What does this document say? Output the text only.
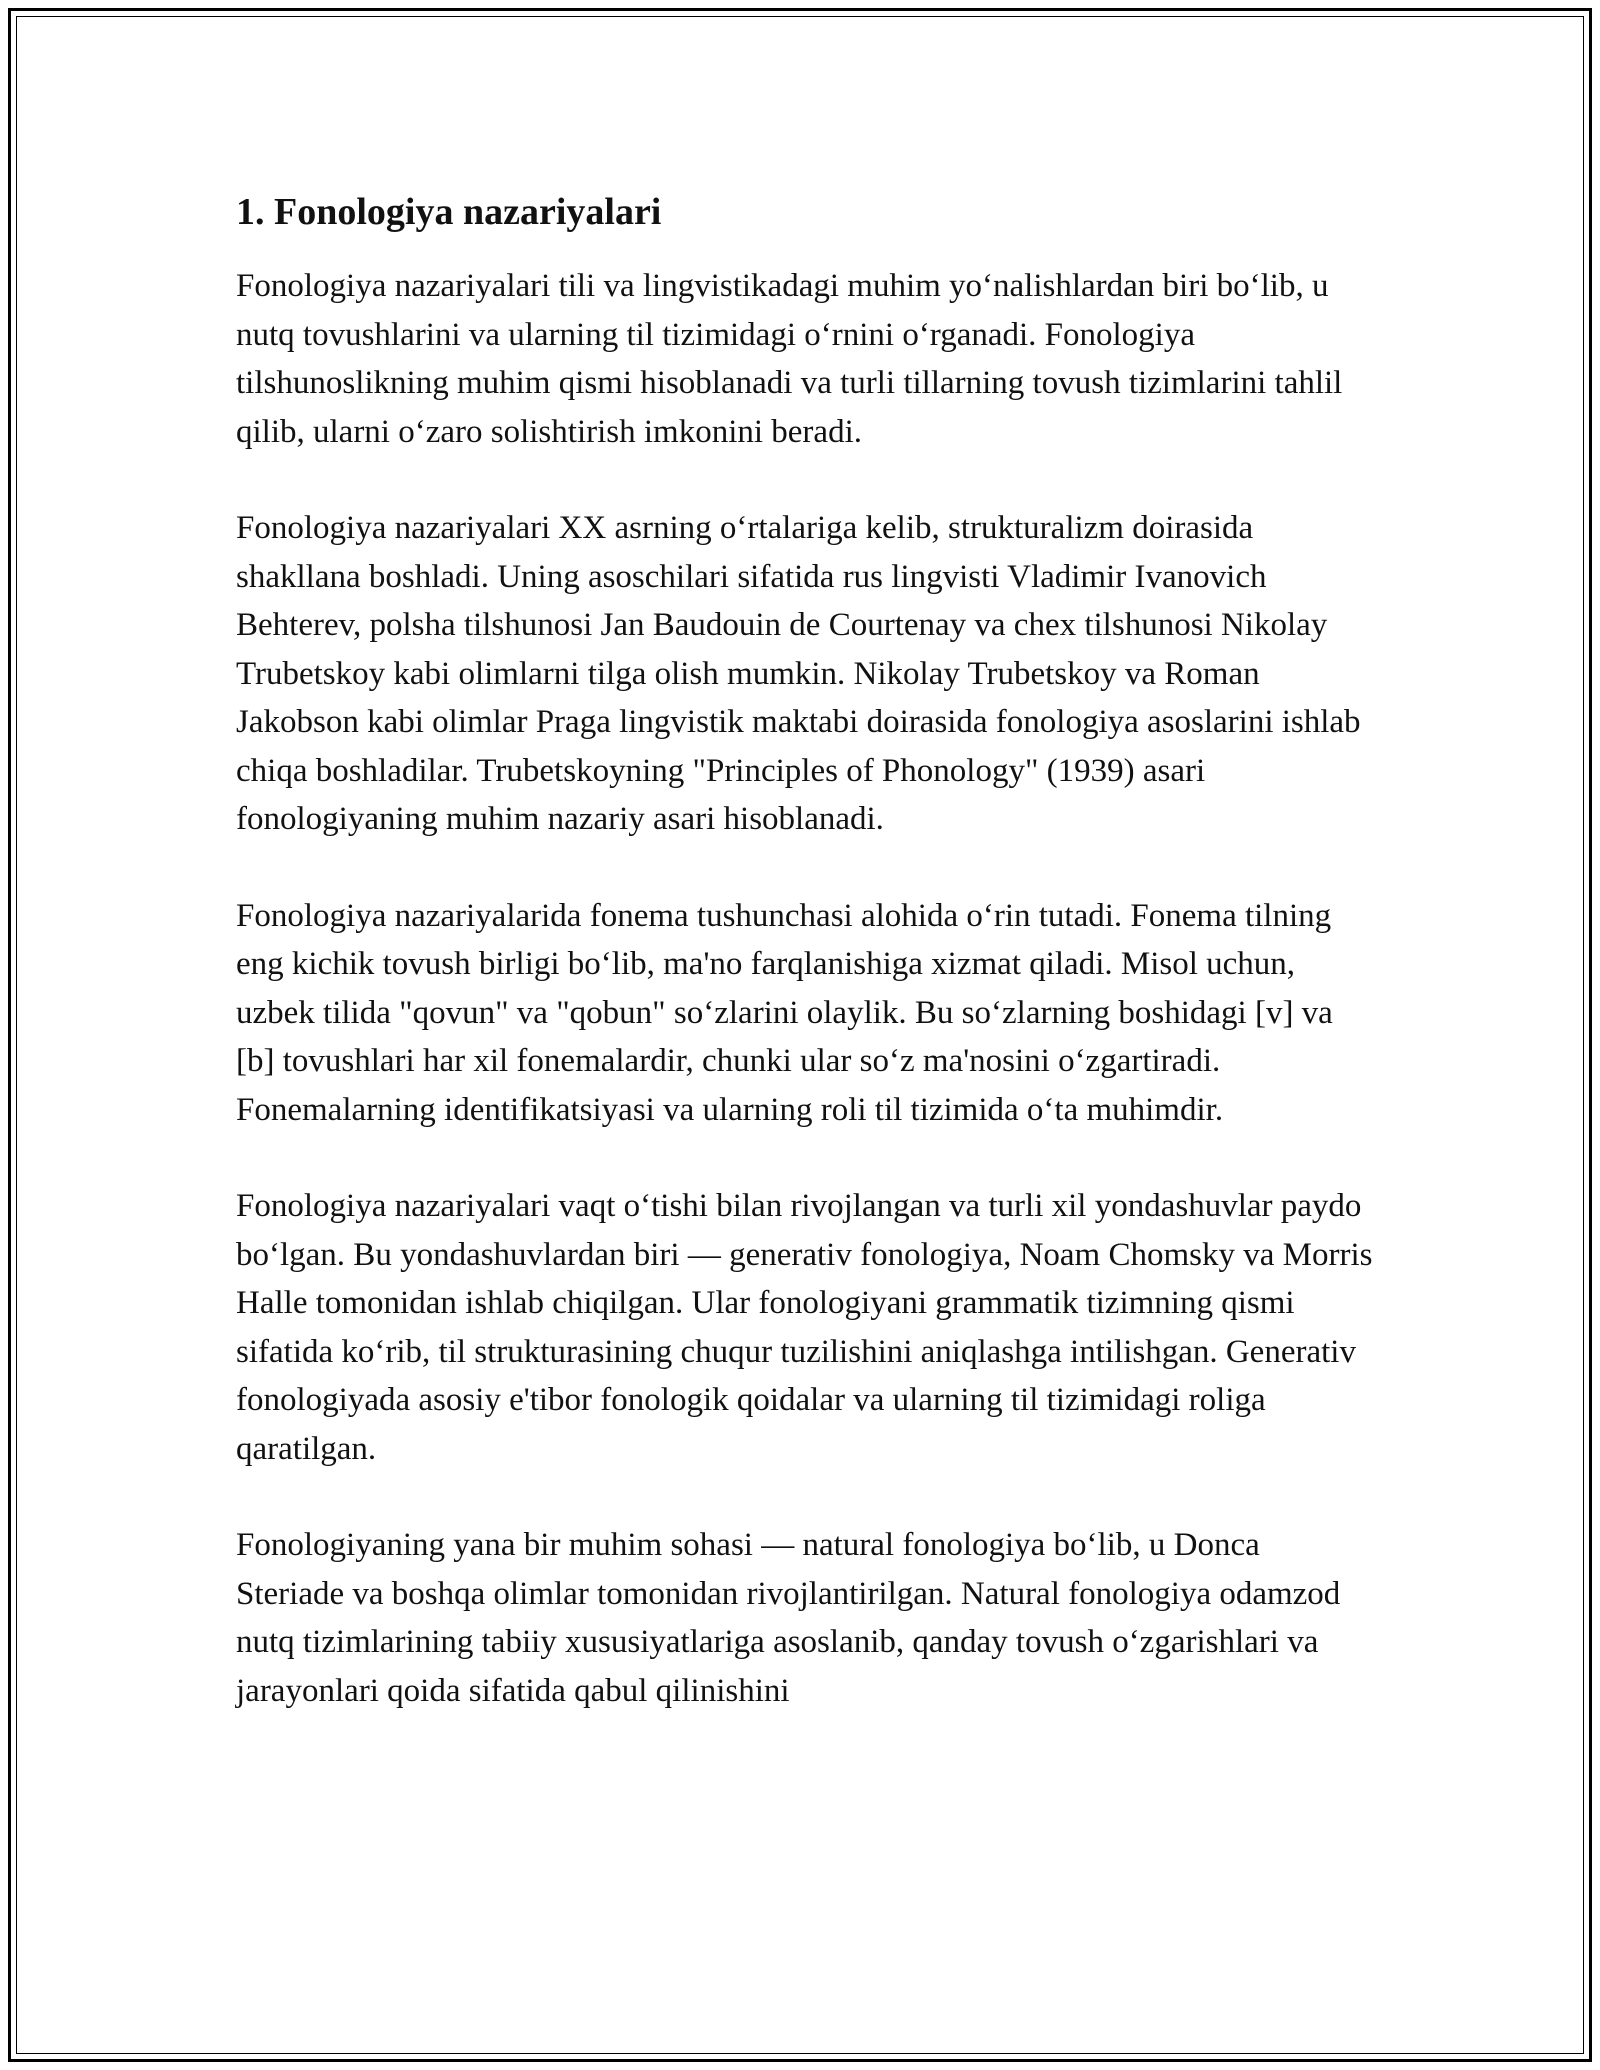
1. Fonologiya nazariyalari

Fonologiya nazariyalari tili va lingvistikadagi muhim yo‘nalishlardan biri bo‘lib, u nutq tovushlarini va ularning til tizimidagi o‘rnini o‘rganadi. Fonologiya tilshunoslikning muhim qismi hisoblanadi va turli tillarning tovush tizimlarini tahlil qilib, ularni o‘zaro solishtirish imkonini beradi.

Fonologiya nazariyalari XX asrning o‘rtalariga kelib, strukturalizm doirasida shakllana boshladi. Uning asoschilari sifatida rus lingvisti Vladimir Ivanovich Behterev, polsha tilshunosi Jan Baudouin de Courtenay va chex tilshunosi Nikolay Trubetskoy kabi olimlarni tilga olish mumkin. Nikolay Trubetskoy va Roman Jakobson kabi olimlar Praga lingvistik maktabi doirasida fonologiya asoslarini ishlab chiqa boshladilar. Trubetskoyning "Principles of Phonology" (1939) asari fonologiyaning muhim nazariy asari hisoblanadi.

Fonologiya nazariyalarida fonema tushunchasi alohida o‘rin tutadi. Fonema tilning eng kichik tovush birligi bo‘lib, ma'no farqlanishiga xizmat qiladi. Misol uchun, uzbek tilida "qovun" va "qobun" so‘zlarini olaylik. Bu so‘zlarning boshidagi [v] va [b] tovushlari har xil fonemalardir, chunki ular so‘z ma'nosini o‘zgartiradi. Fonemalarning identifikatsiyasi va ularning roli til tizimida o‘ta muhimdir.

Fonologiya nazariyalari vaqt o‘tishi bilan rivojlangan va turli xil yondashuvlar paydo bo‘lgan. Bu yondashuvlardan biri — generativ fonologiya, Noam Chomsky va Morris Halle tomonidan ishlab chiqilgan. Ular fonologiyani grammatik tizimning qismi sifatida ko‘rib, til strukturasining chuqur tuzilishini aniqlashga intilishgan. Generativ fonologiyada asosiy e'tibor fonologik qoidalar va ularning til tizimidagi roliga qaratilgan.

Fonologiyaning yana bir muhim sohasi — natural fonologiya bo‘lib, u Donca Steriade va boshqa olimlar tomonidan rivojlantirilgan. Natural fonologiya odamzod nutq tizimlarining tabiiy xususiyatlariga asoslanib, qanday tovush o‘zgarishlari va jarayonlari qoida sifatida qabul qilinishini
